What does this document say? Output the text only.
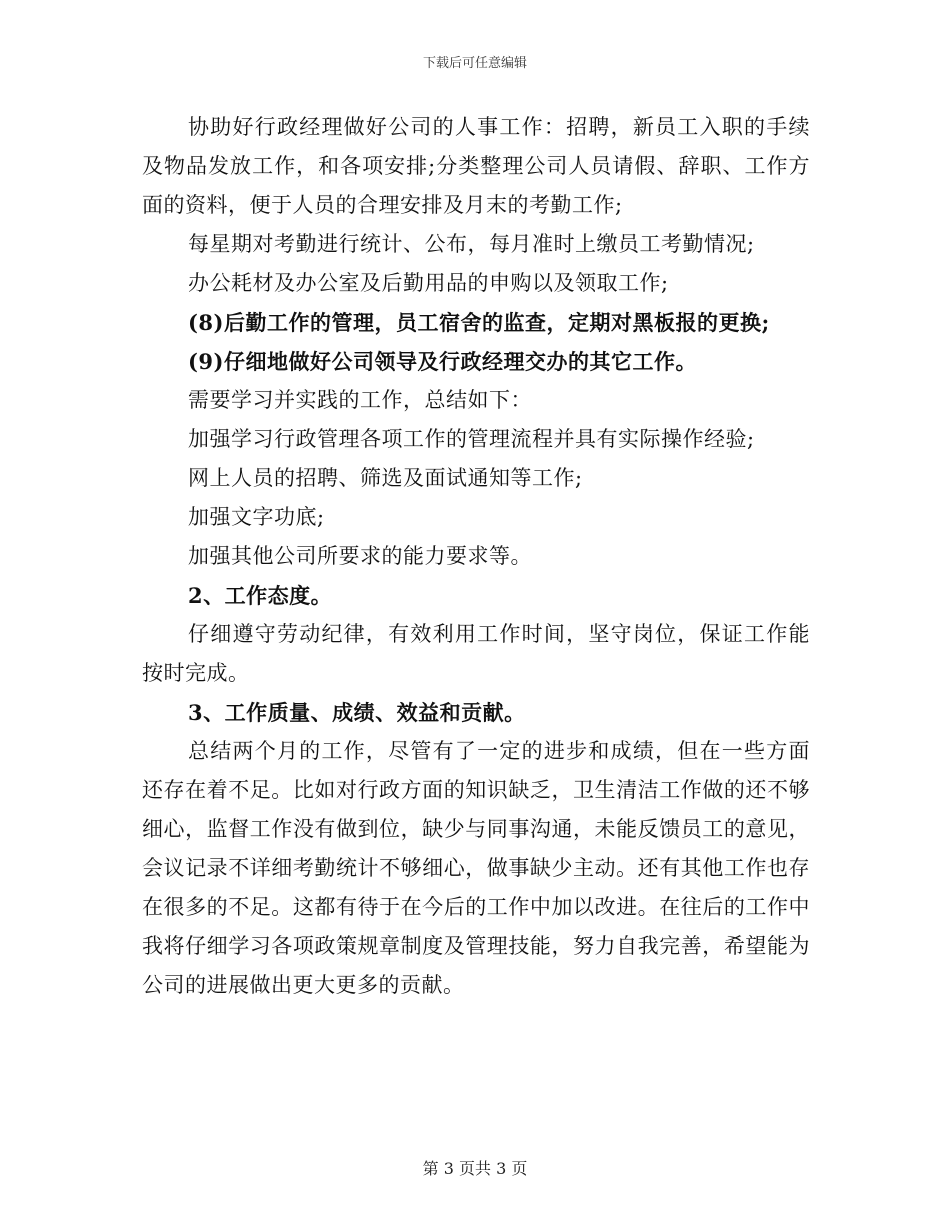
下载后可任意编辑

协助好行政经理做好公司的人事工作：招聘，新员工入职的手续及物品发放工作，和各项安排;分类整理公司人员请假、辞职、工作方面的资料，便于人员的合理安排及月末的考勤工作;

每星期对考勤进行统计、公布，每月准时上缴员工考勤情况;

办公耗材及办公室及后勤用品的申购以及领取工作;

(8)后勤工作的管理，员工宿舍的监查，定期对黑板报的更换;

(9)仔细地做好公司领导及行政经理交办的其它工作。

需要学习并实践的工作，总结如下：

加强学习行政管理各项工作的管理流程并具有实际操作经验;

网上人员的招聘、筛选及面试通知等工作;

加强文字功底;

加强其他公司所要求的能力要求等。

2、工作态度。

仔细遵守劳动纪律，有效利用工作时间，坚守岗位，保证工作能按时完成。

3、工作质量、成绩、效益和贡献。

总结两个月的工作，尽管有了一定的进步和成绩，但在一些方面还存在着不足。比如对行政方面的知识缺乏，卫生清洁工作做的还不够细心，监督工作没有做到位，缺少与同事沟通，未能反馈员工的意见，会议记录不详细考勤统计不够细心，做事缺少主动。还有其他工作也存在很多的不足。这都有待于在今后的工作中加以改进。在往后的工作中我将仔细学习各项政策规章制度及管理技能，努力自我完善，希望能为公司的进展做出更大更多的贡献。

第 3 页共 3 页
